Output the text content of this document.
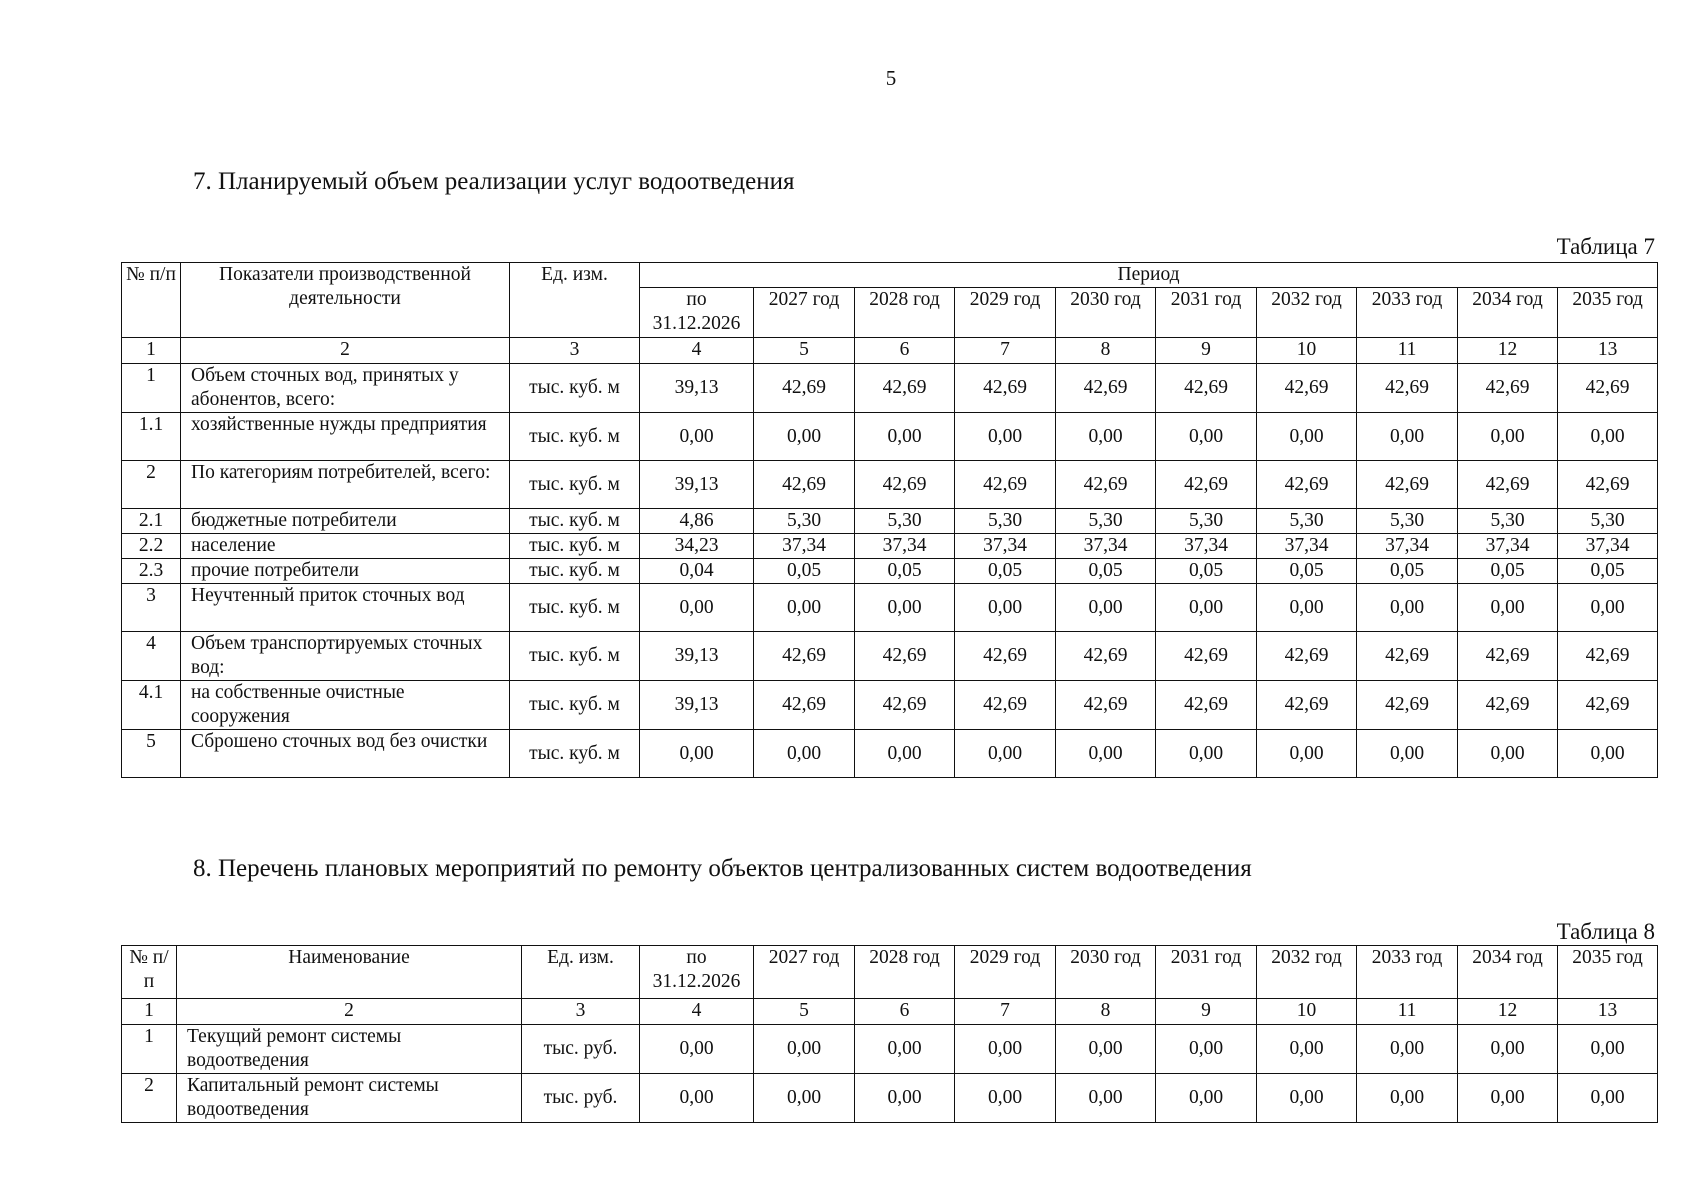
5
7. Планируемый объем реализации услуг водоотведения
Таблица 7
№ п/п	Показатели производственной деятельности	Ед. изм.	Период									
			по 31.12.2026	2027 год	2028 год	2029 год	2030 год	2031 год	2032 год	2033 год	2034 год	2035 год
1	2	3	4	5	6	7	8	9	10	11	12	13
1	Объем сточных вод, принятых у абонентов, всего:	тыс. куб. м	39,13	42,69	42,69	42,69	42,69	42,69	42,69	42,69	42,69	42,69
1.1	хозяйственные нужды предприятия	тыс. куб. м	0,00	0,00	0,00	0,00	0,00	0,00	0,00	0,00	0,00	0,00
2	По категориям потребителей, всего:	тыс. куб. м	39,13	42,69	42,69	42,69	42,69	42,69	42,69	42,69	42,69	42,69
2.1	бюджетные потребители	тыс. куб. м	4,86	5,30	5,30	5,30	5,30	5,30	5,30	5,30	5,30	5,30
2.2	население	тыс. куб. м	34,23	37,34	37,34	37,34	37,34	37,34	37,34	37,34	37,34	37,34
2.3	прочие потребители	тыс. куб. м	0,04	0,05	0,05	0,05	0,05	0,05	0,05	0,05	0,05	0,05
3	Неучтенный приток сточных вод	тыс. куб. м	0,00	0,00	0,00	0,00	0,00	0,00	0,00	0,00	0,00	0,00
4	Объем транспортируемых сточных вод:	тыс. куб. м	39,13	42,69	42,69	42,69	42,69	42,69	42,69	42,69	42,69	42,69
4.1	на собственные очистные сооружения	тыс. куб. м	39,13	42,69	42,69	42,69	42,69	42,69	42,69	42,69	42,69	42,69
5	Сброшено сточных вод без очистки	тыс. куб. м	0,00	0,00	0,00	0,00	0,00	0,00	0,00	0,00	0,00	0,00
8. Перечень плановых мероприятий по ремонту объектов централизованных систем водоотведения
Таблица 8
№ п/п	Наименование	Ед. изм.	по 31.12.2026	2027 год	2028 год	2029 год	2030 год	2031 год	2032 год	2033 год	2034 год	2035 год
1	2	3	4	5	6	7	8	9	10	11	12	13
1	Текущий ремонт системы водоотведения	тыс. руб.	0,00	0,00	0,00	0,00	0,00	0,00	0,00	0,00	0,00	0,00
2	Капитальный ремонт системы водоотведения	тыс. руб.	0,00	0,00	0,00	0,00	0,00	0,00	0,00	0,00	0,00	0,00
